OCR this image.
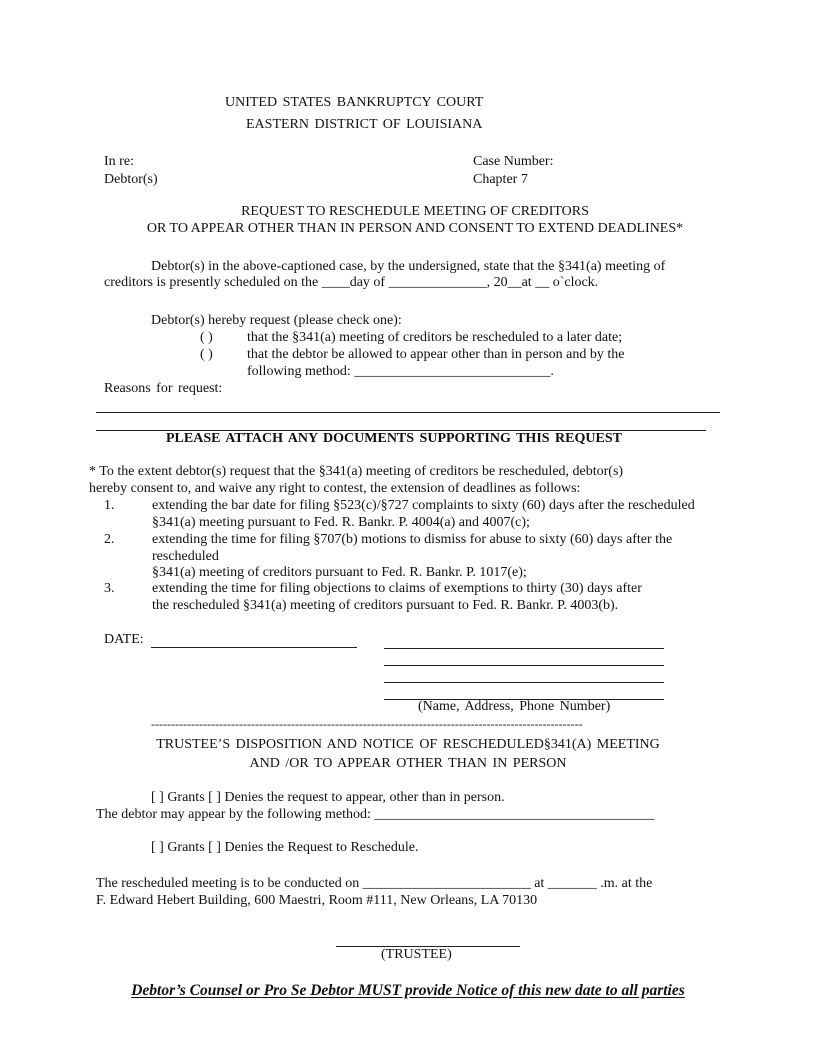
UNITED STATES BANKRUPTCY COURT
EASTERN DISTRICT OF LOUISIANA
In re:
Debtor(s)
Case Number:
Chapter 7
REQUEST TO RESCHEDULE MEETING OF CREDITORS
OR TO APPEAR OTHER THAN IN PERSON AND CONSENT TO EXTEND DEADLINES*
Debtor(s) in the above-captioned case, by the undersigned, state that the §341(a) meeting of
creditors is presently scheduled on the ____day of ______________, 20__at __ o`clock.
Debtor(s) hereby request (please check one):
( ) that the §341(a) meeting of creditors be rescheduled to a later date;
( ) that the debtor be allowed to appear other than in person and by the
following method: ____________________________.
Reasons for request:
PLEASE ATTACH ANY DOCUMENTS SUPPORTING THIS REQUEST
* To the extent debtor(s) request that the §341(a) meeting of creditors be rescheduled, debtor(s)
hereby consent to, and waive any right to contest, the extension of deadlines as follows:
1.	extending the bar date for filing §523(c)/§727 complaints to sixty (60) days after the rescheduled
§341(a) meeting pursuant to Fed. R. Bankr. P. 4004(a) and 4007(c);
2.	extending the time for filing §707(b) motions to dismiss for abuse to sixty (60) days after the
rescheduled
§341(a) meeting of creditors pursuant to Fed. R. Bankr. P. 1017(e);
3.	extending the time for filing objections to claims of exemptions to thirty (30) days after
the rescheduled §341(a) meeting of creditors pursuant to Fed. R. Bankr. P. 4003(b).
DATE:
(Name, Address, Phone Number)
------------------------------------------------------------------------------------------------------------
TRUSTEE’S DISPOSITION AND NOTICE OF RESCHEDULED§341(A) MEETING
AND /OR TO APPEAR OTHER THAN IN PERSON
[ ] Grants [ ] Denies the request to appear, other than in person.
The debtor may appear by the following method: ________________________________________
[ ] Grants [ ] Denies the Request to Reschedule.
The rescheduled meeting is to be conducted on ________________________ at _______ .m. at the
F. Edward Hebert Building, 600 Maestri, Room #111, New Orleans, LA 70130
(TRUSTEE)
Debtor’s Counsel or Pro Se Debtor MUST provide Notice of this new date to all parties
